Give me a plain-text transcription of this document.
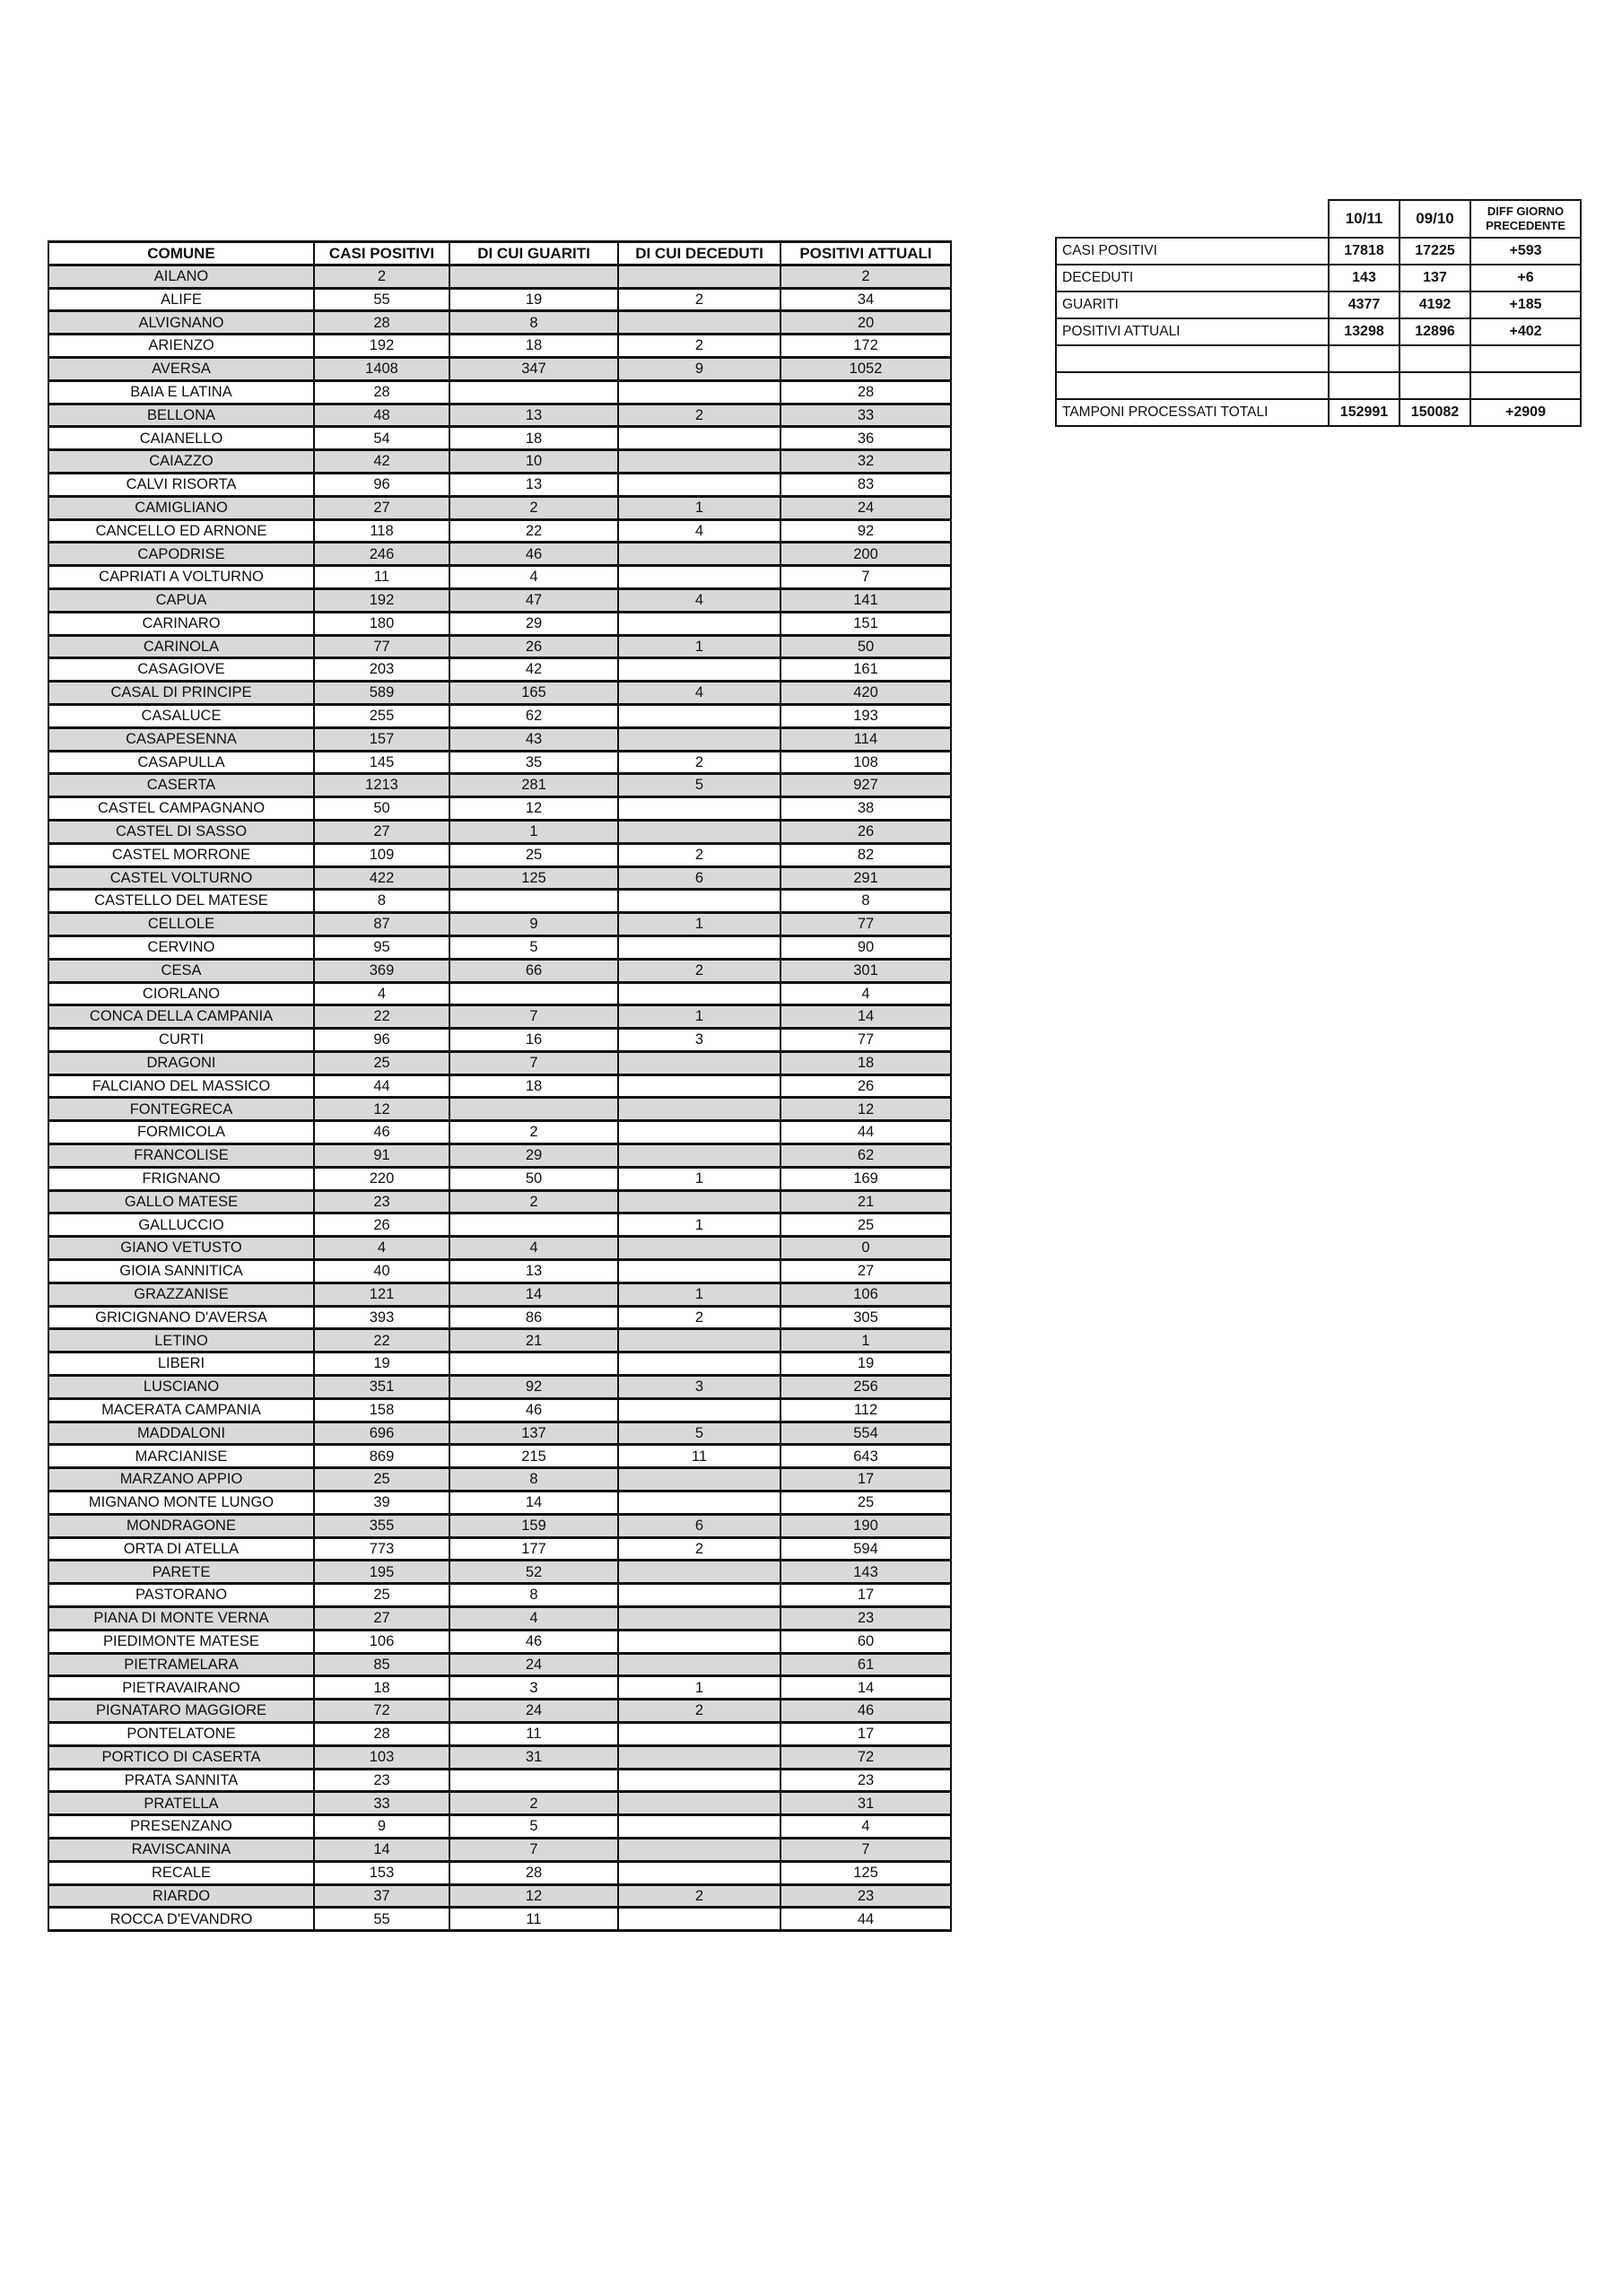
COMUNE	CASI POSITIVI	DI CUI GUARITI	DI CUI DECEDUTI	POSITIVI ATTUALI
AILANO	2			2
ALIFE	55	19	2	34
ALVIGNANO	28	8		20
ARIENZO	192	18	2	172
AVERSA	1408	347	9	1052
BAIA E LATINA	28			28
BELLONA	48	13	2	33
CAIANELLO	54	18		36
CAIAZZO	42	10		32
CALVI RISORTA	96	13		83
CAMIGLIANO	27	2	1	24
CANCELLO ED ARNONE	118	22	4	92
CAPODRISE	246	46		200
CAPRIATI A VOLTURNO	11	4		7
CAPUA	192	47	4	141
CARINARO	180	29		151
CARINOLA	77	26	1	50
CASAGIOVE	203	42		161
CASAL DI PRINCIPE	589	165	4	420
CASALUCE	255	62		193
CASAPESENNA	157	43		114
CASAPULLA	145	35	2	108
CASERTA	1213	281	5	927
CASTEL CAMPAGNANO	50	12		38
CASTEL DI SASSO	27	1		26
CASTEL MORRONE	109	25	2	82
CASTEL VOLTURNO	422	125	6	291
CASTELLO DEL MATESE	8			8
CELLOLE	87	9	1	77
CERVINO	95	5		90
CESA	369	66	2	301
CIORLANO	4			4
CONCA DELLA CAMPANIA	22	7	1	14
CURTI	96	16	3	77
DRAGONI	25	7		18
FALCIANO DEL MASSICO	44	18		26
FONTEGRECA	12			12
FORMICOLA	46	2		44
FRANCOLISE	91	29		62
FRIGNANO	220	50	1	169
GALLO MATESE	23	2		21
GALLUCCIO	26		1	25
GIANO VETUSTO	4	4		0
GIOIA SANNITICA	40	13		27
GRAZZANISE	121	14	1	106
GRICIGNANO D'AVERSA	393	86	2	305
LETINO	22	21		1
LIBERI	19			19
LUSCIANO	351	92	3	256
MACERATA CAMPANIA	158	46		112
MADDALONI	696	137	5	554
MARCIANISE	869	215	11	643
MARZANO APPIO	25	8		17
MIGNANO MONTE LUNGO	39	14		25
MONDRAGONE	355	159	6	190
ORTA DI ATELLA	773	177	2	594
PARETE	195	52		143
PASTORANO	25	8		17
PIANA DI MONTE VERNA	27	4		23
PIEDIMONTE MATESE	106	46		60
PIETRAMELARA	85	24		61
PIETRAVAIRANO	18	3	1	14
PIGNATARO MAGGIORE	72	24	2	46
PONTELATONE	28	11		17
PORTICO DI CASERTA	103	31		72
PRATA SANNITA	23			23
PRATELLA	33	2		31
PRESENZANO	9	5		4
RAVISCANINA	14	7		7
RECALE	153	28		125
RIARDO	37	12	2	23
ROCCA D'EVANDRO	55	11		44
	10/11	09/10	DIFF GIORNO PRECEDENTE
CASI POSITIVI	17818	17225	+593
DECEDUTI	143	137	+6
GUARITI	4377	4192	+185
POSITIVI ATTUALI	13298	12896	+402

TAMPONI PROCESSATI TOTALI	152991	150082	+2909
